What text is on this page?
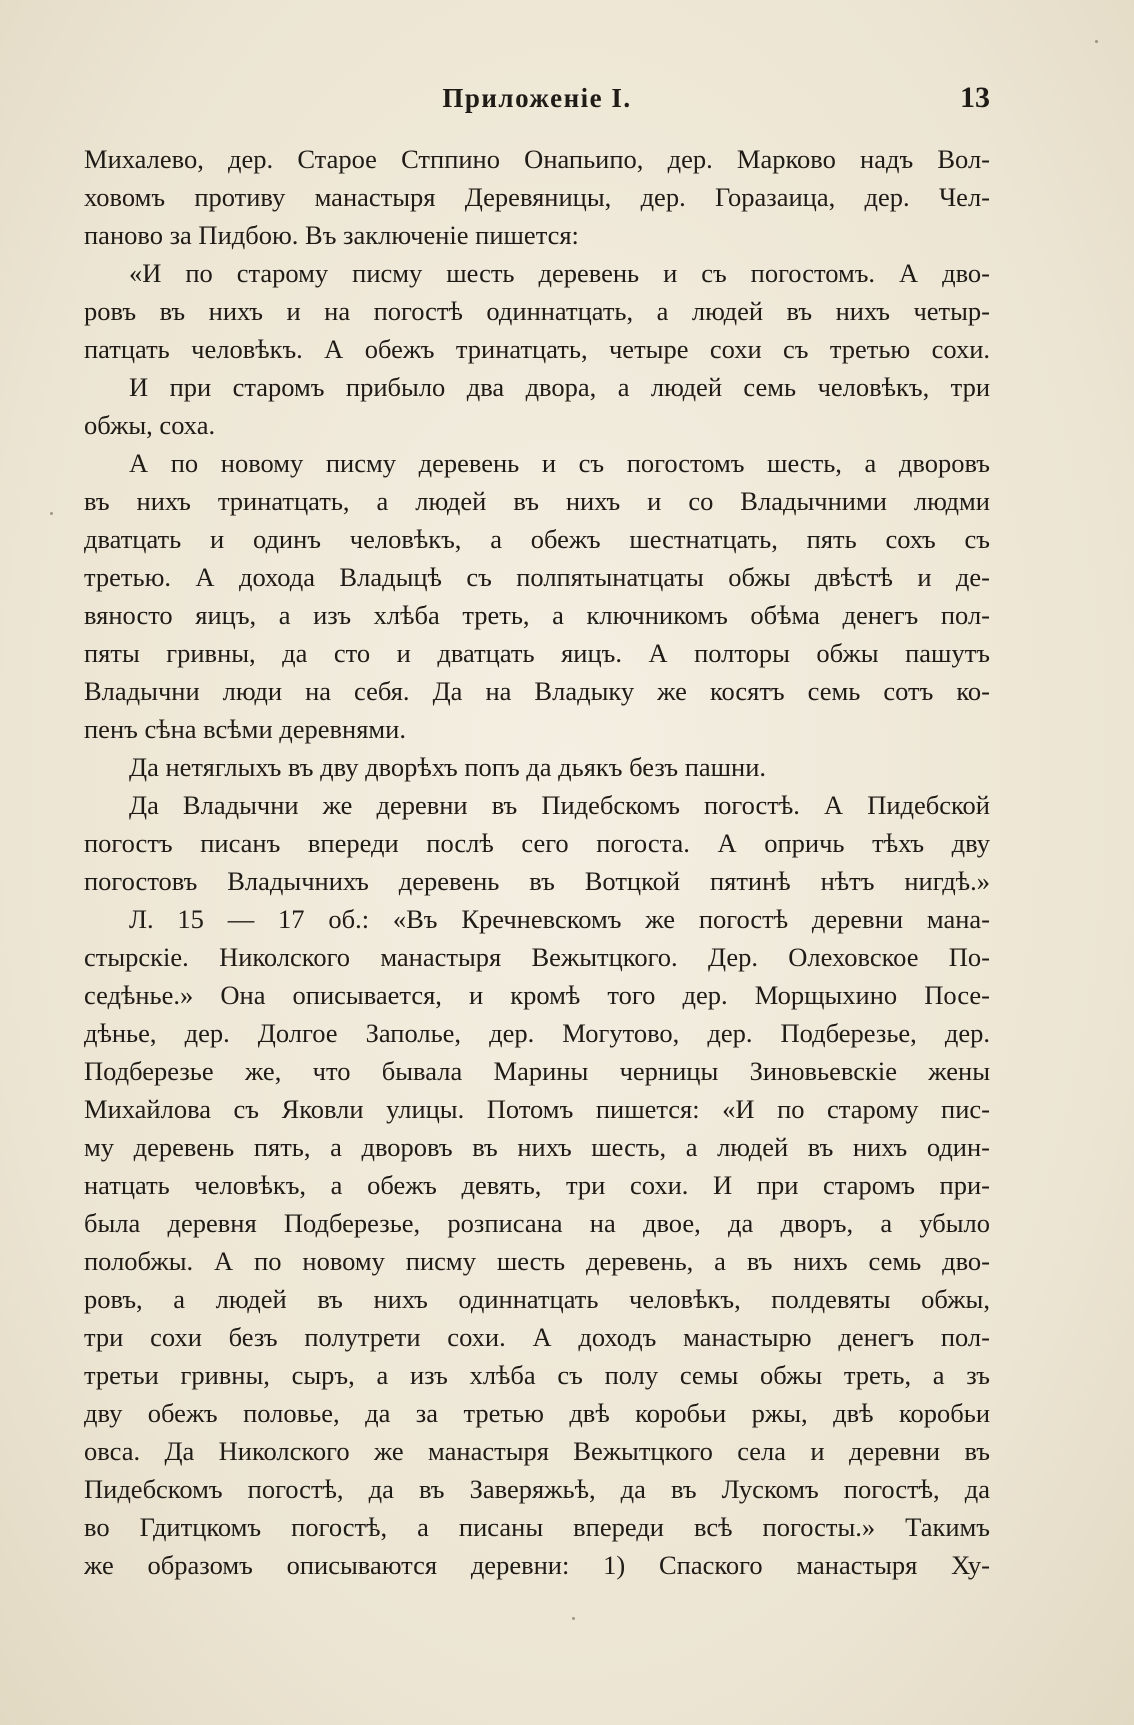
Приложеніе I.	13
Михалево, дер. Старое Стппино Онапьипо, дер. Марково надъ Вол-
ховомъ противу манастыря Деревяницы, дер. Горазаица, дер. Чел-
паново за Пидбою. Въ заключеніе пишется:
«И по старому писму шесть деревень и съ погостомъ. А дво-
ровъ въ нихъ и на погостѣ одиннатцать, а людей въ нихъ четыр-
патцать человѣкъ. А обежъ тринатцать, четыре сохи съ третью сохи.
И при старомъ прибыло два двора, а людей семь человѣкъ, три
обжы, соха.
А по новому писму деревень и съ погостомъ шесть, а дворовъ
въ нихъ тринатцать, а людей въ нихъ и со Владычними людми
дватцать и одинъ человѣкъ, а обежъ шестнатцать, пять сохъ съ
третью. А дохода Владыцѣ съ полпятынатцаты обжы двѣстѣ и де-
вяносто яицъ, а изъ хлѣба треть, а ключникомъ обѣма денегъ пол-
пяты гривны, да сто и дватцать яицъ. А полторы обжы пашутъ
Владычни люди на себя. Да на Владыку же косятъ семь сотъ ко-
пенъ сѣна всѣми деревнями.
Да нетяглыхъ въ дву дворѣхъ попъ да дьякъ безъ пашни.
Да Владычни же деревни въ Пидебскомъ погостѣ. А Пидебской
погостъ писанъ впереди послѣ сего погоста. А опричь тѣхъ дву
погостовъ Владычнихъ деревень въ Вотцкой пятинѣ нѣтъ нигдѣ.»
Л. 15 — 17 об.: «Въ Кречневскомъ же погостѣ деревни мана-
стырскіе. Николского манастыря Вежытцкого. Дер. Олеховское По-
седѣнье.» Она описывается, и кромѣ того дер. Морщыхино Посе-
дѣнье, дер. Долгое Заполье, дер. Могутово, дер. Подберезье, дер.
Подберезье же, что бывала Марины черницы Зиновьевскіе жены
Михайлова съ Яковли улицы. Потомъ пишется: «И по старому пис-
му деревень пять, а дворовъ въ нихъ шесть, а людей въ нихъ один-
натцать человѣкъ, а обежъ девять, три сохи. И при старомъ при-
была деревня Подберезье, розписана на двое, да дворъ, а убыло
полобжы. А по новому писму шесть деревень, а въ нихъ семь дво-
ровъ, а людей въ нихъ одиннатцать человѣкъ, полдевяты обжы,
три сохи безъ полутрети сохи. А доходъ манастырю денегъ пол-
третьи гривны, сыръ, а изъ хлѣба съ полу семы обжы треть, а зъ
дву обежъ половье, да за третью двѣ коробьи ржы, двѣ коробьи
овса. Да Николского же манастыря Вежытцкого села и деревни въ
Пидебскомъ погостѣ, да въ Заверяжьѣ, да въ Лускомъ погостѣ, да
во Гдитцкомъ погостѣ, а писаны впереди всѣ погосты.» Такимъ
же образомъ описываются деревни: 1) Спаского манастыря Ху-
